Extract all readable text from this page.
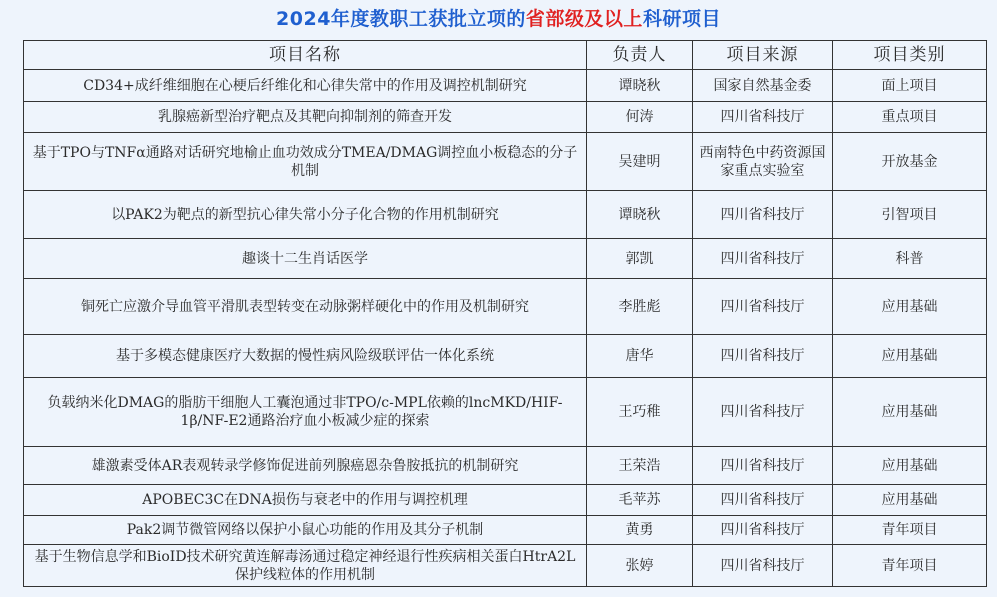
2024年度教职工获批立项的省部级及以上科研项目
项目名称	负责人	项目来源	项目类别
CD34+成纤维细胞在心梗后纤维化和心律失常中的作用及调控机制研究	谭晓秋	国家自然基金委	面上项目
乳腺癌新型治疗靶点及其靶向抑制剂的筛查开发	何涛	四川省科技厅	重点项目
基于TPO与TNFα通路对话研究地榆止血功效成分TMEA/DMAG调控血小板稳态的分子机制	吴建明	西南特色中药资源国家重点实验室	开放基金
以PAK2为靶点的新型抗心律失常小分子化合物的作用机制研究	谭晓秋	四川省科技厅	引智项目
趣谈十二生肖话医学	郭凯	四川省科技厅	科普
铜死亡应激介导血管平滑肌表型转变在动脉粥样硬化中的作用及机制研究	李胜彪	四川省科技厅	应用基础
基于多模态健康医疗大数据的慢性病风险级联评估一体化系统	唐华	四川省科技厅	应用基础
负载纳米化DMAG的脂肪干细胞人工囊泡通过非TPO/c-MPL依赖的lncMKD/HIF-1β/NF-E2通路治疗血小板减少症的探索	王巧稚	四川省科技厅	应用基础
雄激素受体AR表观转录学修饰促进前列腺癌恩杂鲁胺抵抗的机制研究	王荣浩	四川省科技厅	应用基础
APOBEC3C在DNA损伤与衰老中的作用与调控机理	毛苹苏	四川省科技厅	应用基础
Pak2调节微管网络以保护小鼠心功能的作用及其分子机制	黄勇	四川省科技厅	青年项目
基于生物信息学和BioID技术研究黄连解毒汤通过稳定神经退行性疾病相关蛋白HtrA2L保护线粒体的作用机制	张婷	四川省科技厅	青年项目
